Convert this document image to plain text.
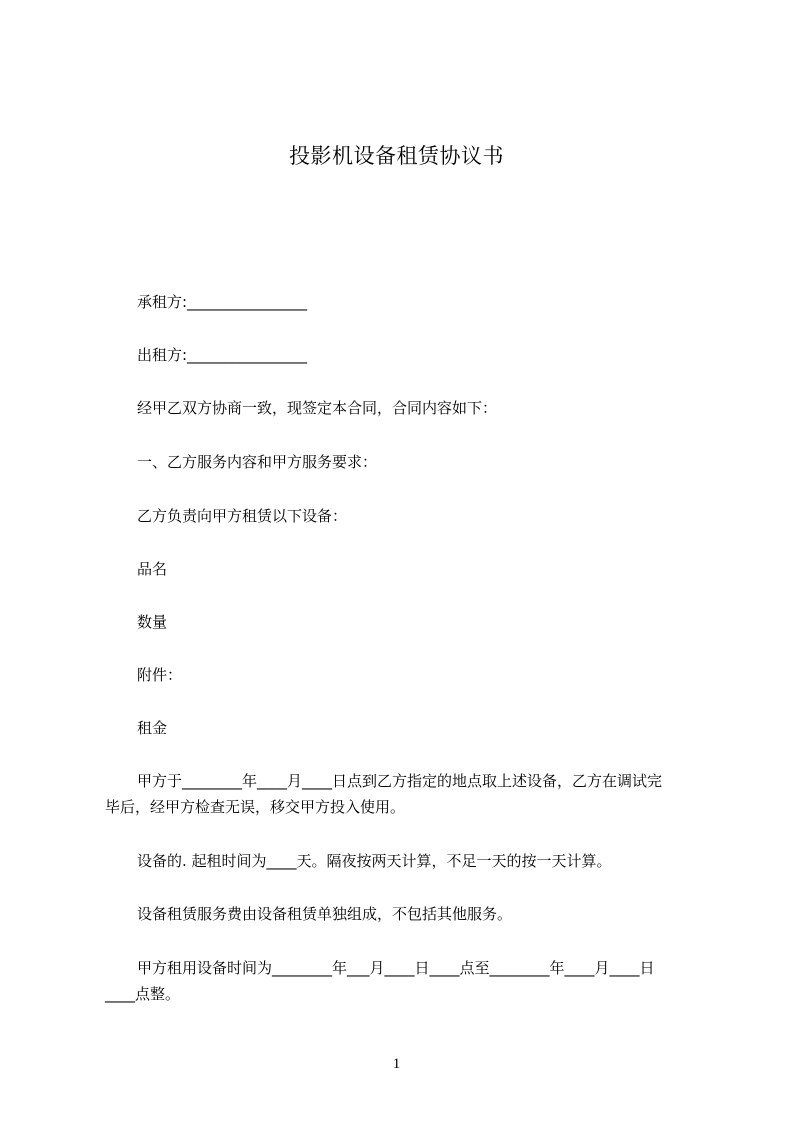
投影机设备租赁协议书
承租方:________________
出租方:________________
经甲乙双方协商一致，现签定本合同，合同内容如下：
一、乙方服务内容和甲方服务要求：
乙方负责向甲方租赁以下设备：
品名
数量
附件：
租金
甲方于________年____月____日点到乙方指定的地点取上述设备，乙方在调试完
毕后，经甲方检查无误，移交甲方投入使用。
设备的. 起租时间为____天。隔夜按两天计算，不足一天的按一天计算。
设备租赁服务费由设备租赁单独组成，不包括其他服务。
甲方租用设备时间为________年___月____日____点至________年____月____日
____点整。
1
